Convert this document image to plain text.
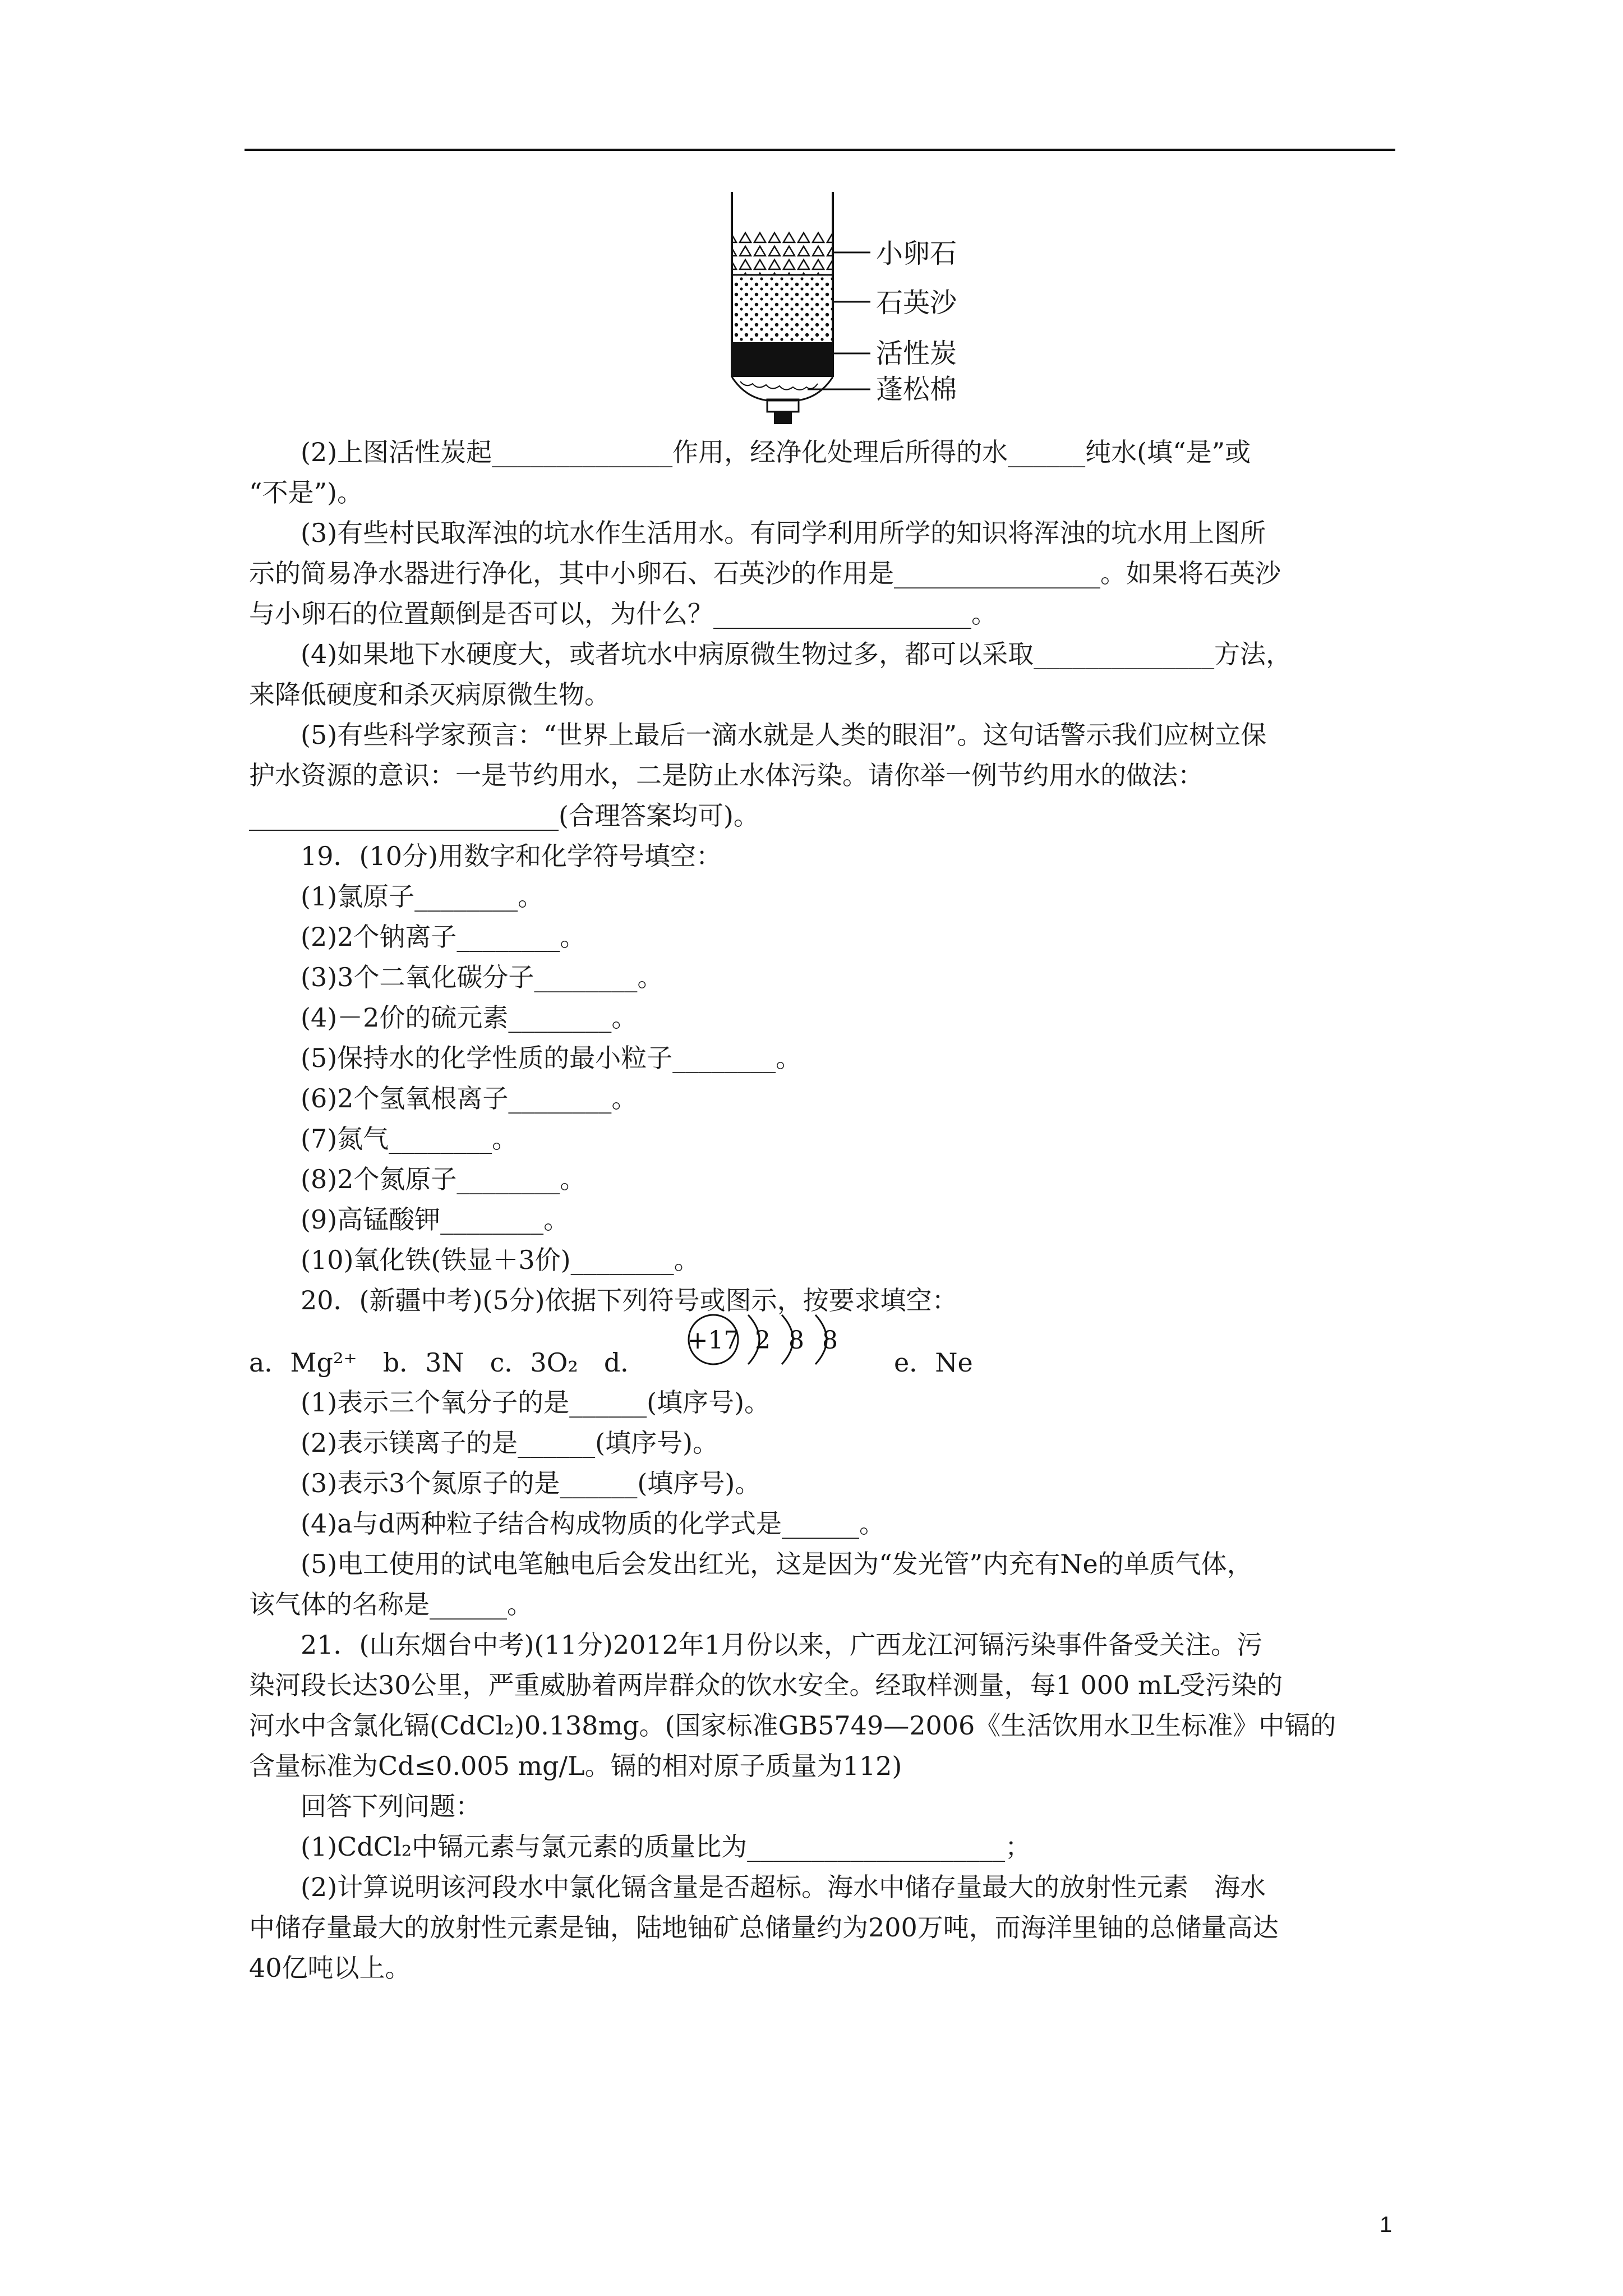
小卵石
石英沙
活性炭
蓬松棉
(2)上图活性炭起______________作用，经净化处理后所得的水______纯水(填“是”或
“不是”)。
(3)有些村民取浑浊的坑水作生活用水。有同学利用所学的知识将浑浊的坑水用上图所
示的简易净水器进行净化，其中小卵石、石英沙的作用是________________。如果将石英沙
与小卵石的位置颠倒是否可以，为什么？____________________。
(4)如果地下水硬度大，或者坑水中病原微生物过多，都可以采取______________方法，
来降低硬度和杀灭病原微生物。
(5)有些科学家预言：“世界上最后一滴水就是人类的眼泪”。这句话警示我们应树立保
护水资源的意识：一是节约用水，二是防止水体污染。请你举一例节约用水的做法：
________________________(合理答案均可)。
19．(10分)用数字和化学符号填空：
(1)氯原子________。
(2)2个钠离子________。
(3)3个二氧化碳分子________。
(4)－2价的硫元素________。
(5)保持水的化学性质的最小粒子________。
(6)2个氢氧根离子________。
(7)氮气________。
(8)2个氮原子________。
(9)高锰酸钾________。
(10)氧化铁(铁显＋3价)________。
20．(新疆中考)(5分)依据下列符号或图示，按要求填空：
a．Mg²⁺　b．3N　c．3O₂　d．
+17 2 8 8
e．Ne
(1)表示三个氧分子的是______(填序号)。
(2)表示镁离子的是______(填序号)。
(3)表示3个氮原子的是______(填序号)。
(4)a与d两种粒子结合构成物质的化学式是______。
(5)电工使用的试电笔触电后会发出红光，这是因为“发光管”内充有Ne的单质气体，
该气体的名称是______。
21．(山东烟台中考)(11分)2012年1月份以来，广西龙江河镉污染事件备受关注。污
染河段长达30公里，严重威胁着两岸群众的饮水安全。经取样测量，每1 000 mL受污染的
河水中含氯化镉(CdCl₂)0.138mg。(国家标准GB5749—2006《生活饮用水卫生标准》中镉的
含量标准为Cd≤0.005 mg/L。镉的相对原子质量为112)
回答下列问题：
(1)CdCl₂中镉元素与氯元素的质量比为____________________；
(2)计算说明该河段水中氯化镉含量是否超标。海水中储存量最大的放射性元素　海水
中储存量最大的放射性元素是铀，陆地铀矿总储量约为200万吨，而海洋里铀的总储量高达
40亿吨以上。
1
